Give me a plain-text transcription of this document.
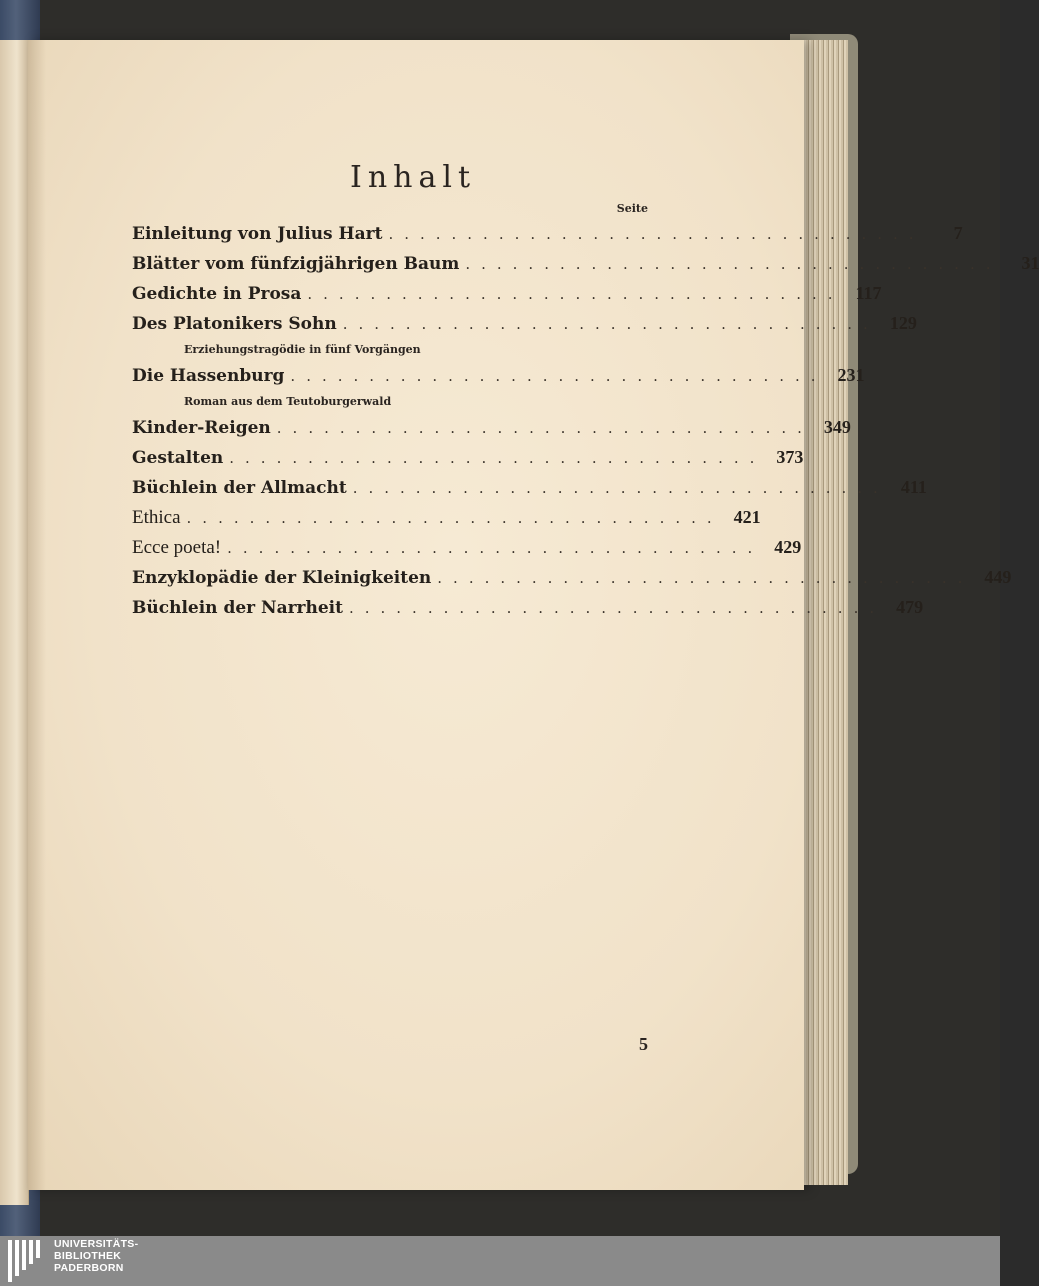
Inhalt
Seite
Einleitung von Julius Hart ..................................	7
Blätter vom fünfzigjährigen Baum ..................................	31
Gedichte in Prosa .................................. 117
Des Platonikers Sohn .................................. 129
Erziehungstragödie in fünf Vorgängen
Die Hassenburg .................................. 231
Roman aus dem Teutoburgerwald
Kinder-Reigen .................................. 349
Gestalten .................................. 373
Büchlein der Allmacht .................................. 411
Ethica .................................. 421
Ecce poeta! .................................. 429
Enzyklopädie der Kleinigkeiten .................................. 449
Büchlein der Narrheit .................................. 479
5
UNIVERSITÄTS-
BIBLIOTHEK
PADERBORN
